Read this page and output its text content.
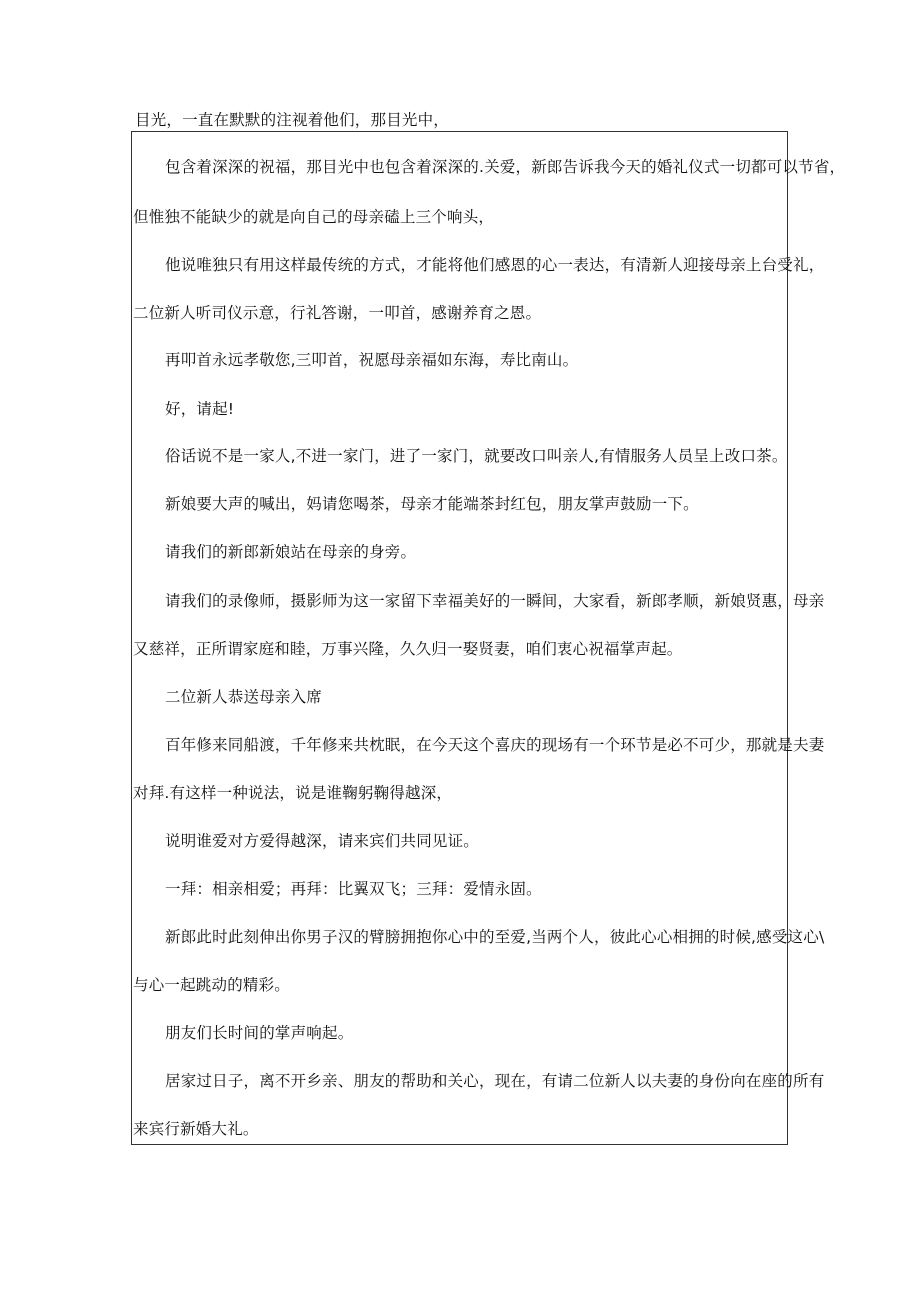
目光，一直在默默的注视着他们，那目光中，
包含着深深的祝福，那目光中也包含着深深的.关爱，新郎告诉我今天的婚礼仪式一切都可以节省，
但惟独不能缺少的就是向自己的母亲磕上三个响头，
他说唯独只有用这样最传统的方式，才能将他们感恩的心一表达，有清新人迎接母亲上台受礼，
二位新人听司仪示意，行礼答谢，一叩首，感谢养育之恩。
再叩首永远孝敬您,三叩首，祝愿母亲福如东海，寿比南山。
好，请起!
俗话说不是一家人,不进一家门，进了一家门，就要改口叫亲人,有情服务人员呈上改口茶。
新娘要大声的喊出，妈请您喝茶，母亲才能端茶封红包，朋友掌声鼓励一下。
请我们的新郎新娘站在母亲的身旁。
请我们的录像师，摄影师为这一家留下幸福美好的一瞬间，大家看，新郎孝顺，新娘贤惠，母亲
又慈祥，正所谓家庭和睦，万事兴隆，久久归一娶贤妻，咱们衷心祝福掌声起。
二位新人恭送母亲入席
百年修来同船渡，千年修来共枕眠，在今天这个喜庆的现场有一个环节是必不可少，那就是夫妻
对拜.有这样一种说法，说是谁鞠躬鞠得越深，
说明谁爱对方爱得越深，请来宾们共同见证。
一拜：相亲相爱；再拜：比翼双飞；三拜：爱情永固。
新郎此时此刻伸出你男子汉的臂膀拥抱你心中的至爱,当两个人，彼此心心相拥的时候,感受这心\
与心一起跳动的精彩。
朋友们长时间的掌声响起。
居家过日子，离不开乡亲、朋友的帮助和关心，现在，有请二位新人以夫妻的身份向在座的所有
来宾行新婚大礼。
